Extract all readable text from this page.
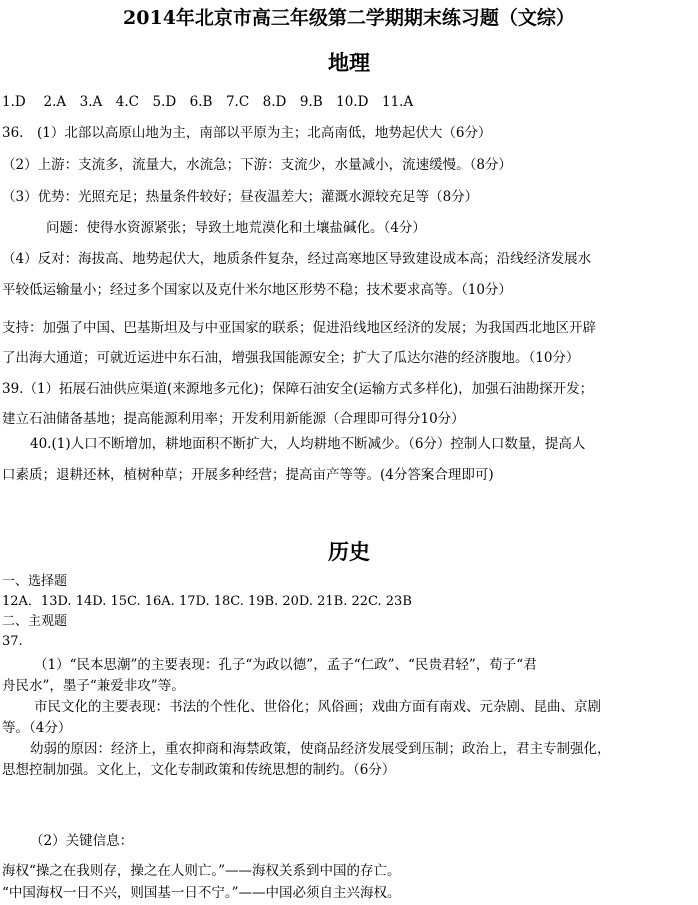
2014年北京市高三年级第二学期期末练习题（文综）
地理
1.D　 2.A　3.A　4.C　5.D　6.B　7.C　8.D　9.B　10.D　11.A
36.　(1）北部以高原山地为主，南部以平原为主；北高南低，地势起伏大（6分）
（2）上游：支流多，流量大，水流急；下游：支流少，水量减小，流速缓慢。（8分）
（3）优势：光照充足；热量条件较好；昼夜温差大；灌溉水源较充足等（8分）
问题：使得水资源紧张；导致土地荒漠化和土壤盐碱化。（4分）
（4）反对：海拔高、地势起伏大，地质条件复杂，经过高寒地区导致建设成本高；沿线经济发展水
平较低运输量小；经过多个国家以及克什米尔地区形势不稳；技术要求高等。（10分）
支持：加强了中国、巴基斯坦及与中亚国家的联系；促进沿线地区经济的发展；为我国西北地区开辟
了出海大通道；可就近运进中东石油，增强我国能源安全；扩大了瓜达尔港的经济腹地。（10分）
39.（1）拓展石油供应渠道(来源地多元化)；保障石油安全(运输方式多样化)，加强石油勘探开发；
建立石油储备基地；提高能源利用率；开发利用新能源（合理即可得分10分）
40.(1)人口不断增加，耕地面积不断扩大，人均耕地不断减少。（6分）控制人口数量，提高人
口素质；退耕还林，植树种草；开展多种经营；提高亩产等等。(4分答案合理即可)
历史
一、选择题
12A．13D. 14D. 15C. 16A. 17D. 18C. 19B. 20D. 21B. 22C. 23B
二、主观题
37.
（1）“民本思潮”的主要表现：孔子“为政以德”，孟子“仁政”、“民贵君轻”，荀子“君
舟民水”，墨子“兼爱非攻”等。
市民文化的主要表现：书法的个性化、世俗化；风俗画；戏曲方面有南戏、元杂剧、昆曲、京剧
等。（4分）
幼弱的原因：经济上，重农抑商和海禁政策，使商品经济发展受到压制；政治上，君主专制强化，
思想控制加强。文化上，文化专制政策和传统思想的制约。（6分）
（2）关键信息：
海权“操之在我则存，操之在人则亡。”——海权关系到中国的存亡。
“中国海权一日不兴，则国基一日不宁。”——中国必须自主兴海权。
